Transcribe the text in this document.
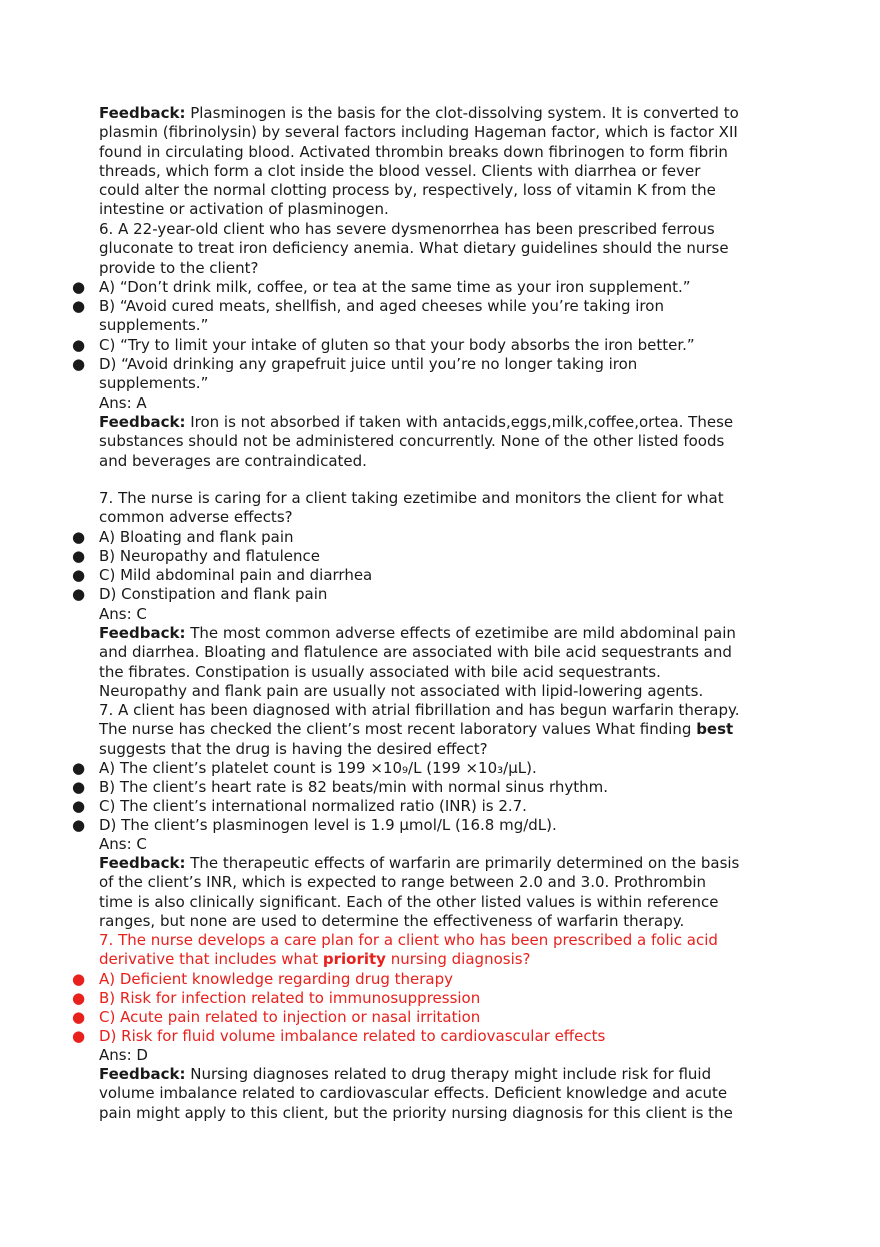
Feedback: Plasminogen is the basis for the clot-dissolving system. It is converted to
plasmin (fibrinolysin) by several factors including Hageman factor, which is factor XII
found in circulating blood. Activated thrombin breaks down fibrinogen to form fibrin
threads, which form a clot inside the blood vessel. Clients with diarrhea or fever
could alter the normal clotting process by, respectively, loss of vitamin K from the
intestine or activation of plasminogen.
6. A 22-year-old client who has severe dysmenorrhea has been prescribed ferrous
gluconate to treat iron deficiency anemia. What dietary guidelines should the nurse
provide to the client?
● A) “Don’t drink milk, coffee, or tea at the same time as your iron supplement.”
● B) “Avoid cured meats, shellfish, and aged cheeses while you’re taking iron
supplements.”
● C) “Try to limit your intake of gluten so that your body absorbs the iron better.”
● D) “Avoid drinking any grapefruit juice until you’re no longer taking iron
supplements.”
Ans: A
Feedback: Iron is not absorbed if taken with antacids,eggs,milk,coffee,ortea. These
substances should not be administered concurrently. None of the other listed foods
and beverages are contraindicated.
7. The nurse is caring for a client taking ezetimibe and monitors the client for what
common adverse effects?
● A) Bloating and flank pain
● B) Neuropathy and flatulence
● C) Mild abdominal pain and diarrhea
● D) Constipation and flank pain
Ans: C
Feedback: The most common adverse effects of ezetimibe are mild abdominal pain
and diarrhea. Bloating and flatulence are associated with bile acid sequestrants and
the fibrates. Constipation is usually associated with bile acid sequestrants.
Neuropathy and flank pain are usually not associated with lipid-lowering agents.
7. A client has been diagnosed with atrial fibrillation and has begun warfarin therapy.
The nurse has checked the client’s most recent laboratory values What finding best
suggests that the drug is having the desired effect?
● A) The client’s platelet count is 199 ×10₉/L (199 ×10₃/μL).
● B) The client’s heart rate is 82 beats/min with normal sinus rhythm.
● C) The client’s international normalized ratio (INR) is 2.7.
● D) The client’s plasminogen level is 1.9 μmol/L (16.8 mg/dL).
Ans: C
Feedback: The therapeutic effects of warfarin are primarily determined on the basis
of the client’s INR, which is expected to range between 2.0 and 3.0. Prothrombin
time is also clinically significant. Each of the other listed values is within reference
ranges, but none are used to determine the effectiveness of warfarin therapy.
7. The nurse develops a care plan for a client who has been prescribed a folic acid
derivative that includes what priority nursing diagnosis?
● A) Deficient knowledge regarding drug therapy
● B) Risk for infection related to immunosuppression
● C) Acute pain related to injection or nasal irritation
● D) Risk for fluid volume imbalance related to cardiovascular effects
Ans: D
Feedback: Nursing diagnoses related to drug therapy might include risk for fluid
volume imbalance related to cardiovascular effects. Deficient knowledge and acute
pain might apply to this client, but the priority nursing diagnosis for this client is the
